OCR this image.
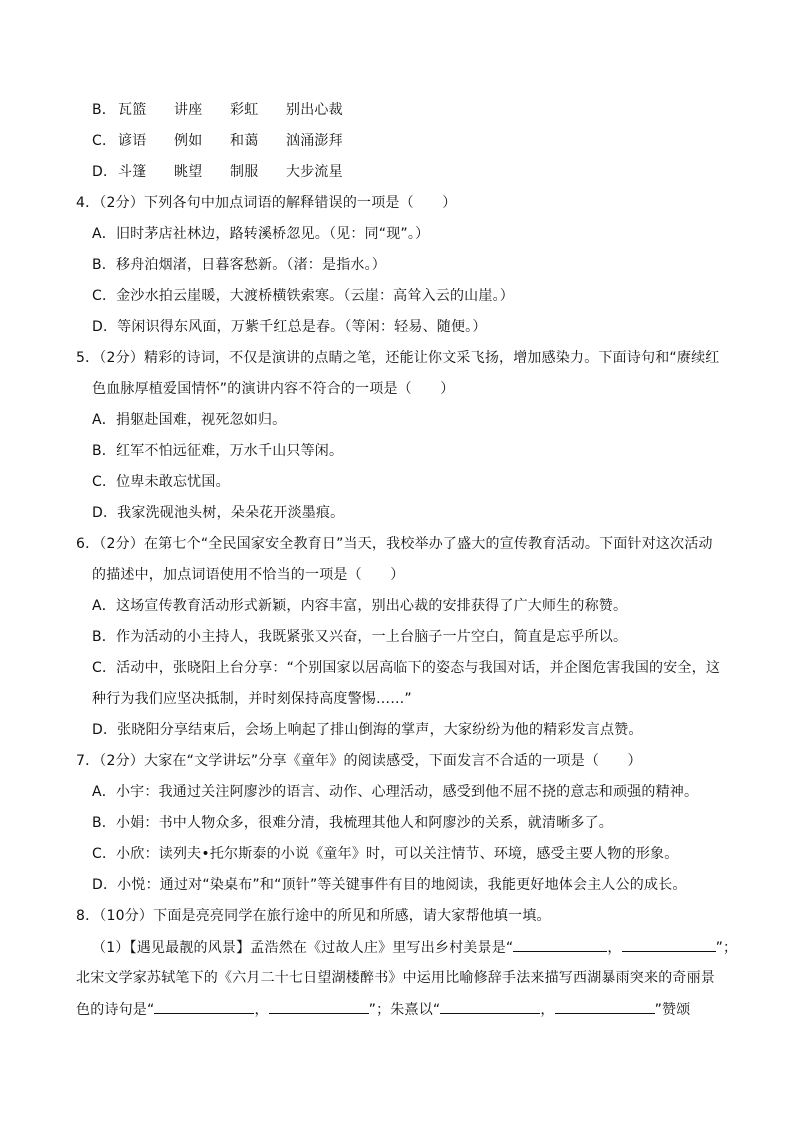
B． 瓦篮 讲座 彩虹 别出心裁
C． 谚语 例如 和蔼 汹涌澎拜
D．斗篷 眺望 制服 大步流星
4．（2分）下列各句中加点词语的解释错误的一项是（　　）
A．旧时茅店社林边，路转溪桥忽见。（见：同“现”。）
B．移舟泊烟渚，日暮客愁新。（渚：是指水。）
C．金沙水拍云崖暖，大渡桥横铁索寒。（云崖：高耸入云的山崖。）
D．等闲识得东风面，万紫千红总是春。（等闲：轻易、随便。）
5．（2分）精彩的诗词，不仅是演讲的点睛之笔，还能让你文采飞扬，增加感染力。下面诗句和“赓续红
色血脉厚植爱国情怀”的演讲内容不符合的一项是（　　）
A．捐躯赴国难，视死忽如归。
B．红军不怕远征难，万水千山只等闲。
C．位卑未敢忘忧国。
D．我家洗砚池头树，朵朵花开淡墨痕。
6．（2分）在第七个“全民国家安全教育日”当天，我校举办了盛大的宣传教育活动。下面针对这次活动
的描述中，加点词语使用不恰当的一项是（　　）
A．这场宣传教育活动形式新颖，内容丰富，别出心裁的安排获得了广大师生的称赞。
B．作为活动的小主持人，我既紧张又兴奋，一上台脑子一片空白，简直是忘乎所以。
C．活动中，张晓阳上台分享：“个别国家以居高临下的姿态与我国对话，并企图危害我国的安全，这
种行为我们应坚决抵制，并时刻保持高度警惕……”
D．张晓阳分享结束后，会场上响起了排山倒海的掌声，大家纷纷为他的精彩发言点赞。
7．（2分）大家在“文学讲坛”分享《童年》的阅读感受，下面发言不合适的一项是（　　）
A．小宇：我通过关注阿廖沙的语言、动作、心理活动，感受到他不屈不挠的意志和顽强的精神。
B．小娟：书中人物众多，很难分清，我梳理其他人和阿廖沙的关系，就清晰多了。
C．小欣：读列夫•托尔斯泰的小说《童年》时，可以关注情节、环境，感受主要人物的形象。
D．小悦：通过对“染桌布”和“顶针”等关键事件有目的地阅读，我能更好地体会主人公的成长。
8．（10分）下面是亮亮同学在旅行途中的所见和所感，请大家帮他填一填。
（1）【遇见最靓的风景】孟浩然在《过故人庄》里写出乡村美景是“	，	”；
北宋文学家苏轼笔下的《六月二十七日望湖楼醉书》中运用比喻修辞手法来描写西湖暴雨突来的奇丽景
色的诗句是“	，	”；朱熹以“	，	”赞颂
